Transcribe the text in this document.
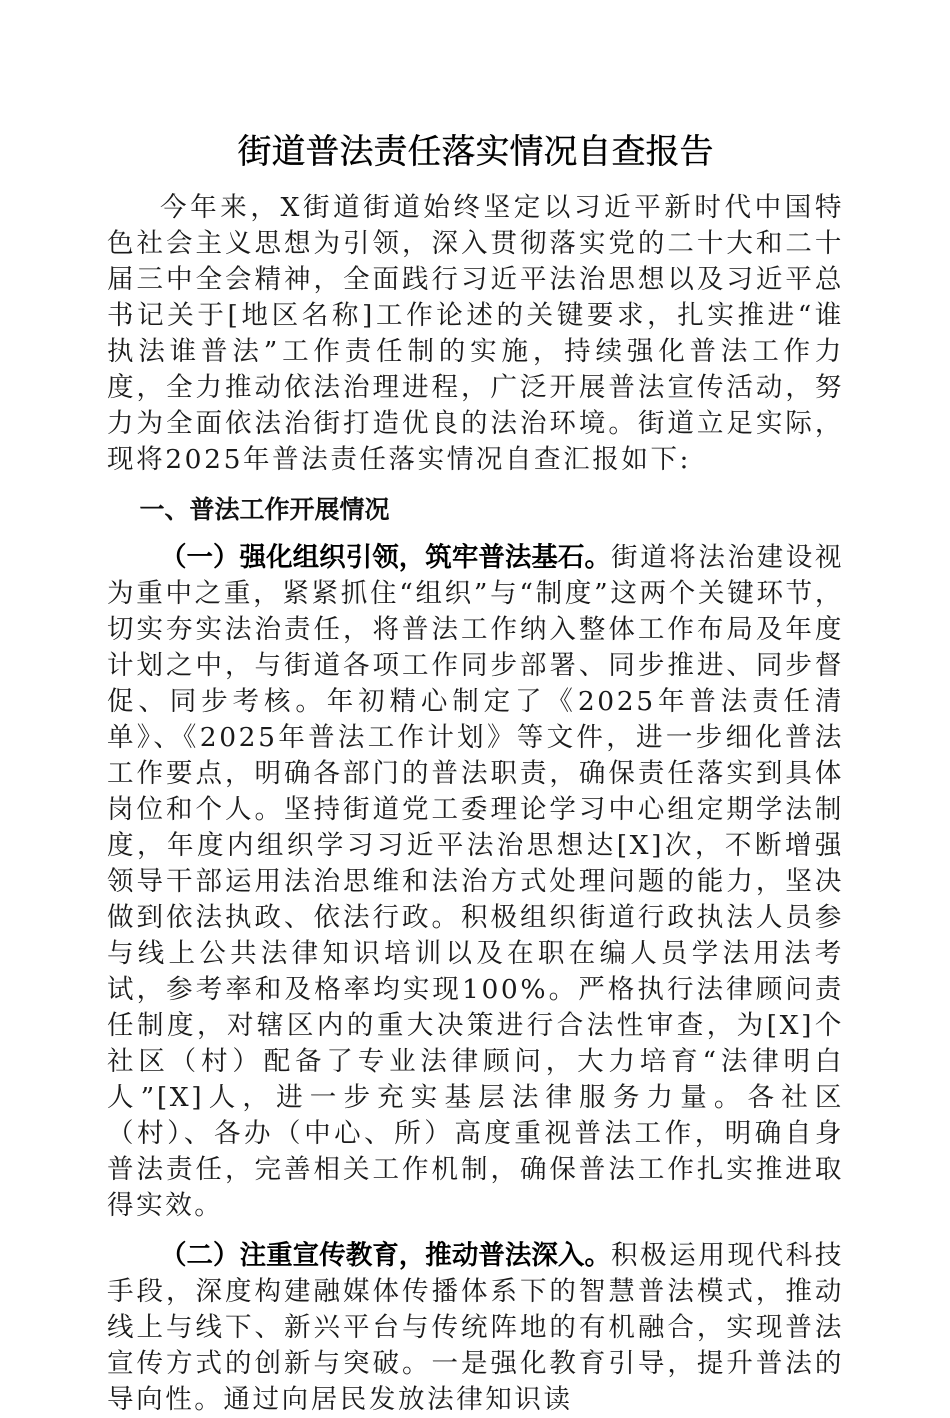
街道普法责任落实情况自查报告

今年来，X街道街道始终坚定以习近平新时代中国特色社会主义思想为引领，深入贯彻落实党的二十大和二十届三中全会精神，全面践行习近平法治思想以及习近平总书记关于[地区名称]工作论述的关键要求，扎实推进“谁执法谁普法”工作责任制的实施，持续强化普法工作力度，全力推动依法治理进程，广泛开展普法宣传活动，努力为全面依法治街打造优良的法治环境。街道立足实际，现将2025年普法责任落实情况自查汇报如下:

一、普法工作开展情况

（一）强化组织引领，筑牢普法基石。街道将法治建设视为重中之重，紧紧抓住“组织”与“制度”这两个关键环节，切实夯实法治责任，将普法工作纳入整体工作布局及年度计划之中，与街道各项工作同步部署、同步推进、同步督促、同步考核。年初精心制定了《2025年普法责任清单》、《2025年普法工作计划》等文件，进一步细化普法工作要点，明确各部门的普法职责，确保责任落实到具体岗位和个人。坚持街道党工委理论学习中心组定期学法制度，年度内组织学习习近平法治思想达[X]次，不断增强领导干部运用法治思维和法治方式处理问题的能力，坚决做到依法执政、依法行政。积极组织街道行政执法人员参与线上公共法律知识培训以及在职在编人员学法用法考试，参考率和及格率均实现100%。严格执行法律顾问责任制度，对辖区内的重大决策进行合法性审查，为[X]个社区（村）配备了专业法律顾问，大力培育“法律明白人”[X]人，进一步充实基层法律服务力量。各社区（村）、各办（中心、所）高度重视普法工作，明确自身普法责任，完善相关工作机制，确保普法工作扎实推进取得实效。

（二）注重宣传教育，推动普法深入。积极运用现代科技手段，深度构建融媒体传播体系下的智慧普法模式，推动线上与线下、新兴平台与传统阵地的有机融合，实现普法宣传方式的创新与突破。一是强化教育引导，提升普法的导向性。通过向居民发放法律知识读
